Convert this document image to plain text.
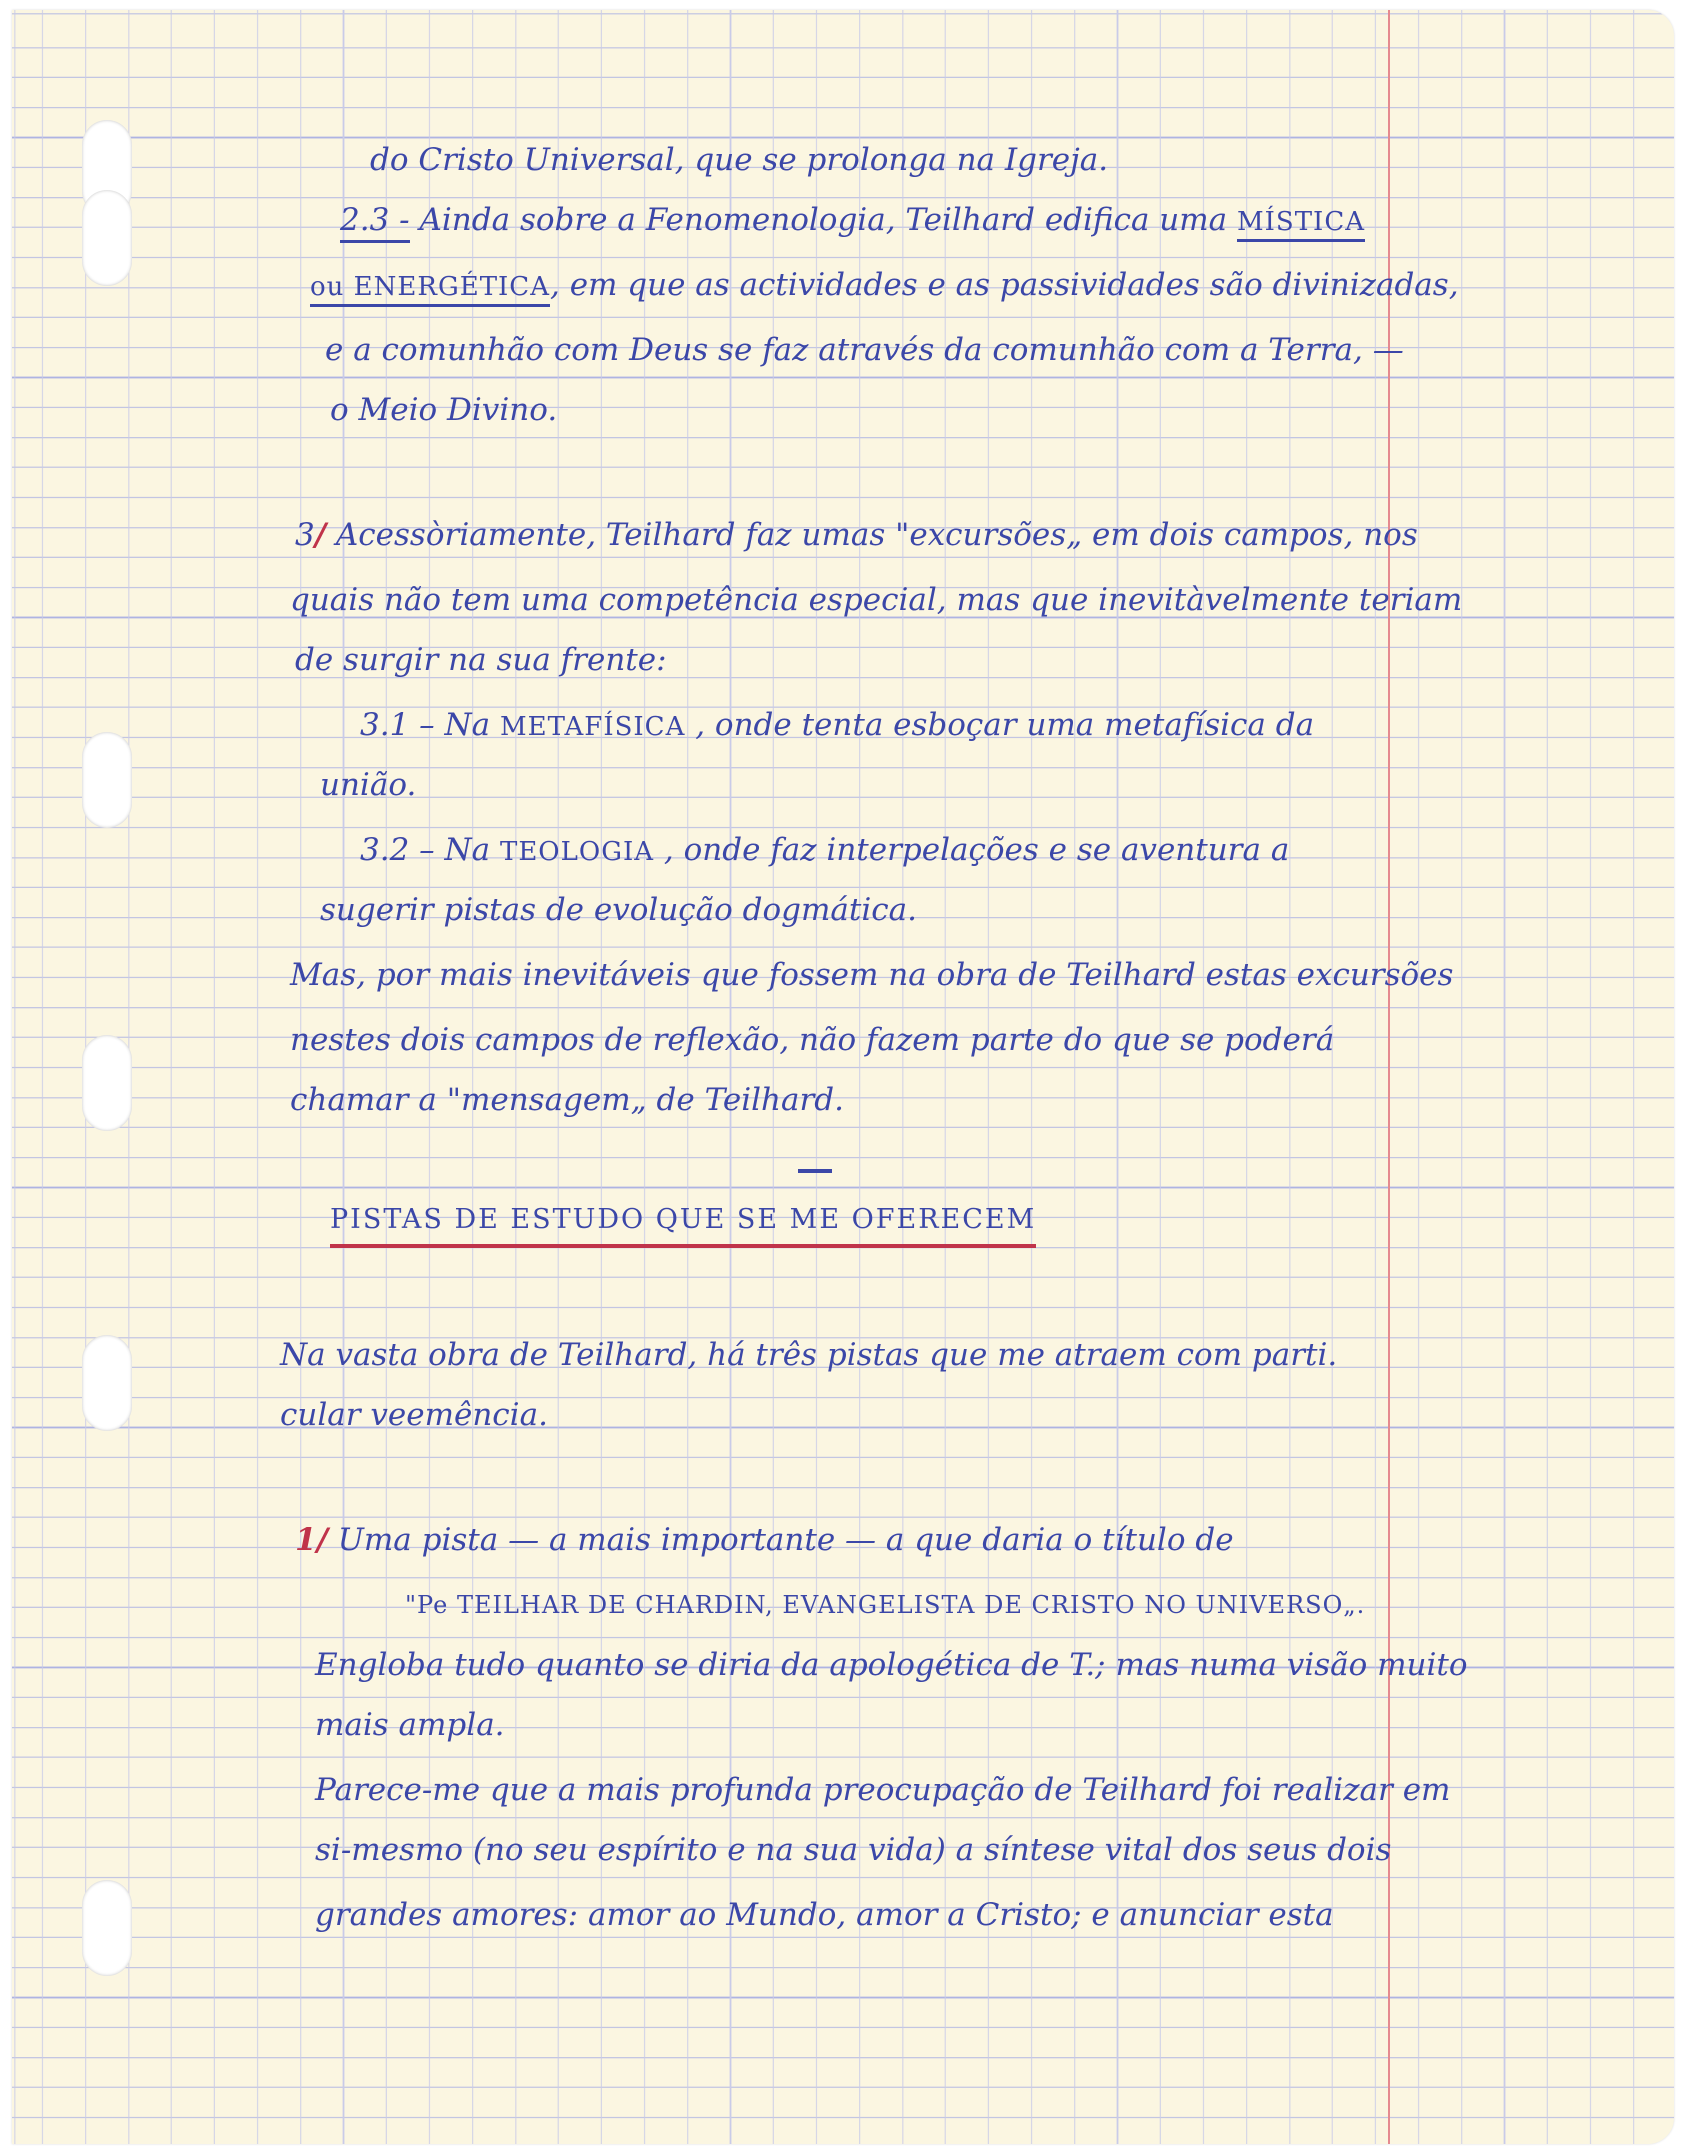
do Cristo Universal, que se prolonga na Igreja.

2.3 - Ainda sobre a Fenomenologia, Teilhard edifica uma MÍSTICA

ou ENERGÉTICA, em que as actividades e as passividades são divinizadas,

e a comunhão com Deus se faz através da comunhão com a Terra, —

o Meio Divino.

3/ Acessòriamente, Teilhard faz umas "excursões„ em dois campos, nos

quais não tem uma competência especial, mas que inevitàvelmente teriam

de surgir na sua frente:

3.1 – Na METAFÍSICA , onde tenta esboçar uma metafísica da

união.

3.2 – Na TEOLOGIA , onde faz interpelações e se aventura a

sugerir pistas de evolução dogmática.

Mas, por mais inevitáveis que fossem na obra de Teilhard estas excursões

nestes dois campos de reflexão, não fazem parte do que se poderá

chamar a "mensagem„ de Teilhard.

PISTAS DE ESTUDO QUE SE ME OFERECEM

Na vasta obra de Teilhard, há três pistas que me atraem com parti.

cular veemência.

1/ Uma pista — a mais importante — a que daria o título de

"Pe TEILHAR DE CHARDIN, EVANGELISTA DE CRISTO NO UNIVERSO„.

Engloba tudo quanto se diria da apologética de T.; mas numa visão muito

mais ampla.

Parece-me que a mais profunda preocupação de Teilhard foi realizar em

si-mesmo (no seu espírito e na sua vida) a síntese vital dos seus dois

grandes amores: amor ao Mundo, amor a Cristo; e anunciar esta
